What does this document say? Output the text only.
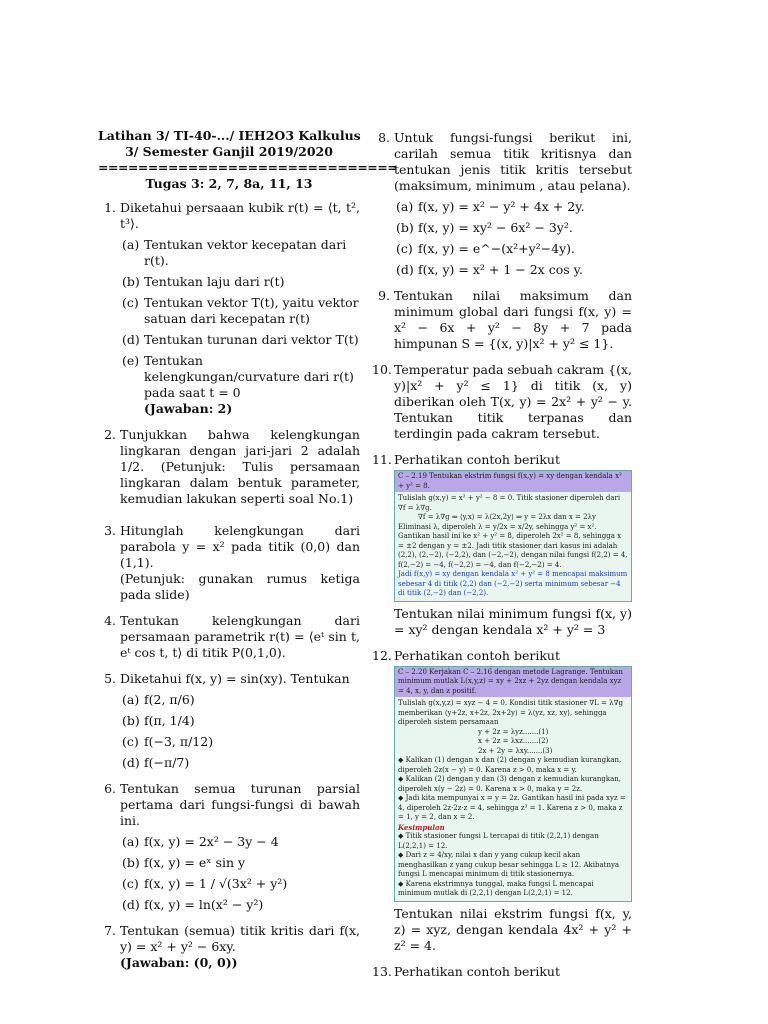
Latihan 3/ TI-40-.../ IEH2O3 Kalkulus
3/ Semester Ganjil 2019/2020
==============================
Tugas 3: 2, 7, 8a, 11, 13
1. Diketahui persaaan kubik r(t) = ⟨t, t², t³⟩.

(a) Tentukan vektor kecepatan dari r(t).
(b) Tentukan laju dari r(t)
(c) Tentukan vektor T(t), yaitu vektor satuan dari kecepatan r(t)
(d) Tentukan turunan dari vektor T(t)
(e) Tentukan kelengkungan/curvature dari r(t) pada saat t = 0
(Jawaban: 2)
2. Tunjukkan bahwa kelengkungan lingkaran dengan jari-jari 2 adalah 1/2. (Petunjuk: Tulis persamaan lingkaran dalam bentuk parameter, kemudian lakukan seperti soal No.1)

3. Hitunglah kelengkungan dari parabola y = x² pada titik (0,0) dan (1,1).

(Petunjuk: gunakan rumus ketiga pada slide)

4. Tentukan kelengkungan dari persamaan parametrik r(t) = ⟨eᵗ sin t, eᵗ cos t, t⟩ di titik P(0,1,0).

5. Diketahui f(x, y) = sin(xy). Tentukan

(a) f(2, π/6)
(b) f(π, 1/4)
(c) f(−3, π/12)
(d) f(−π/7)
6. Tentukan semua turunan parsial pertama dari fungsi-fungsi di bawah ini.

(a) f(x, y) = 2x² − 3y − 4
(b) f(x, y) = eˣ sin y
(c) f(x, y) = 1 / √(3x² + y²)
(d) f(x, y) = ln(x² − y²)
7. Tentukan (semua) titik kritis dari f(x, y) = x² + y² − 6xy.

(Jawaban: (0, 0))

8. Untuk fungsi-fungsi berikut ini, carilah semua titik kritisnya dan tentukan jenis titik kritis tersebut (maksimum, minimum , atau pelana).

(a) f(x, y) = x² − y² + 4x + 2y.
(b) f(x, y) = xy² − 6x² − 3y².
(c) f(x, y) = e^−(x²+y²−4y).
(d) f(x, y) = x² + 1 − 2x cos y.
9. Tentukan nilai maksimum dan minimum global dari fungsi f(x, y) = x² − 6x + y² − 8y + 7 pada himpunan S = {(x, y)|x² + y² ≤ 1}.

10. Temperatur pada sebuah cakram {(x, y)|x² + y² ≤ 1} di titik (x, y) diberikan oleh T(x, y) = 2x² + y² − y. Tentukan titik terpanas dan terdingin pada cakram tersebut.

11. Perhatikan contoh berikut

C – 2.19 Tentukan ekstrim fungsi f(x,y) = xy dengan kendala x² + y² = 8.
Tulislah g(x,y) = x² + y² − 8 = 0. Titik stasioner diperoleh dari ∇f = λ∇g.
∇f = λ∇g ⇒ ⟨y,x⟩ = λ⟨2x,2y⟩ ⇒ y = 2λx dan x = 2λy
Eliminasi λ, diperoleh λ = y/2x = x/2y, sehingga y² = x². Gantikan hasil ini ke x² + y² = 8, diperoleh 2x² = 8, sehingga x = ±2 dengan y = ±2. Jadi titik stasioner dari kasus ini adalah (2,2), (2,−2), (−2,2), dan (−2,−2), dengan nilai fungsi f(2,2) = 4, f(2,−2) = −4, f(−2,2) = −4, dan f(−2,−2) = 4.
Jadi f(x,y) = xy dengan kendala x² + y² = 8 mencapai maksimum sebesar 4 di titik (2,2) dan (−2,−2) serta minimum sebesar −4 di titik (2,−2) dan (−2,2).

Tentukan nilai minimum fungsi f(x, y) = xy² dengan kendala x² + y² = 3

12. Perhatikan contoh berikut

C – 2.20 Kerjakan C – 2.16 dengan metode Lagrange. Tentukan minimum mutlak L(x,y,z) = xy + 2xz + 2yz dengan kendala xyz = 4, x, y, dan z positif.
Tulislah g(x,y,z) = xyz − 4 = 0. Kondisi titik stasioner ∇L = λ∇g memberikan ⟨y+2z, x+2z, 2x+2y⟩ = λ⟨yz, xz, xy⟩, sehingga diperoleh sistem persamaan
y + 2z = λyz.......(1)
x + 2z = λxz.......(2)
2x + 2y = λxy.......(3)
◆ Kalikan (1) dengan x dan (2) dengan y kemudian kurangkan, diperoleh 2z(x − y) = 0. Karena z > 0, maka x = y.
◆ Kalikan (2) dengan y dan (3) dengan z kemudian kurangkan, diperoleh x(y − 2z) = 0. Karena x > 0, maka y = 2z.
◆ Jadi kita mempunyai x = y = 2z. Gantikan hasil ini pada xyz = 4, diperoleh 2z·2z·z = 4, sehingga z³ = 1. Karena z > 0, maka z = 1, y = 2, dan x = 2.
Kesimpulan
◆ Titik stasioner fungsi L tercapai di titik (2,2,1) dengan L(2,2,1) = 12.
◆ Dari z = 4/xy, nilai x dan y yang cukup kecil akan menghasilkan z yang cukup besar sehingga L ≥ 12. Akibatnya fungsi L mencapai minimum di titik stasionernya.
◆ Karena ekstrimnya tunggal, maka fungsi L mencapai minimum mutlak di (2,2,1) dengan L(2,2,1) = 12.

Tentukan nilai ekstrim fungsi f(x, y, z) = xyz, dengan kendala 4x² + y² + z² = 4.

13. Perhatikan contoh berikut
